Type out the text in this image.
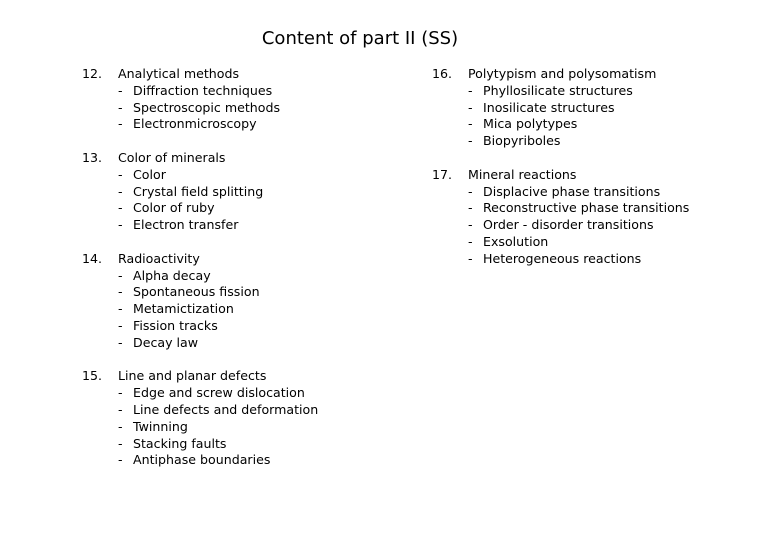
Content of part II (SS)
12.	Analytical methods
- Diffraction techniques
- Spectroscopic methods
- Electronmicroscopy
13.	Color of minerals
- Color
- Crystal field splitting
- Color of ruby
- Electron transfer
14.	Radioactivity
- Alpha decay
- Spontaneous fission
- Metamictization
- Fission tracks
- Decay law
15.	Line and planar defects
- Edge and screw dislocation
- Line defects and deformation
- Twinning
- Stacking faults
- Antiphase boundaries
16.	Polytypism and polysomatism
- Phyllosilicate structures
- Inosilicate structures
- Mica polytypes
- Biopyriboles
17.	Mineral reactions
- Displacive phase transitions
- Reconstructive phase transitions
- Order - disorder transitions
- Exsolution
- Heterogeneous reactions
